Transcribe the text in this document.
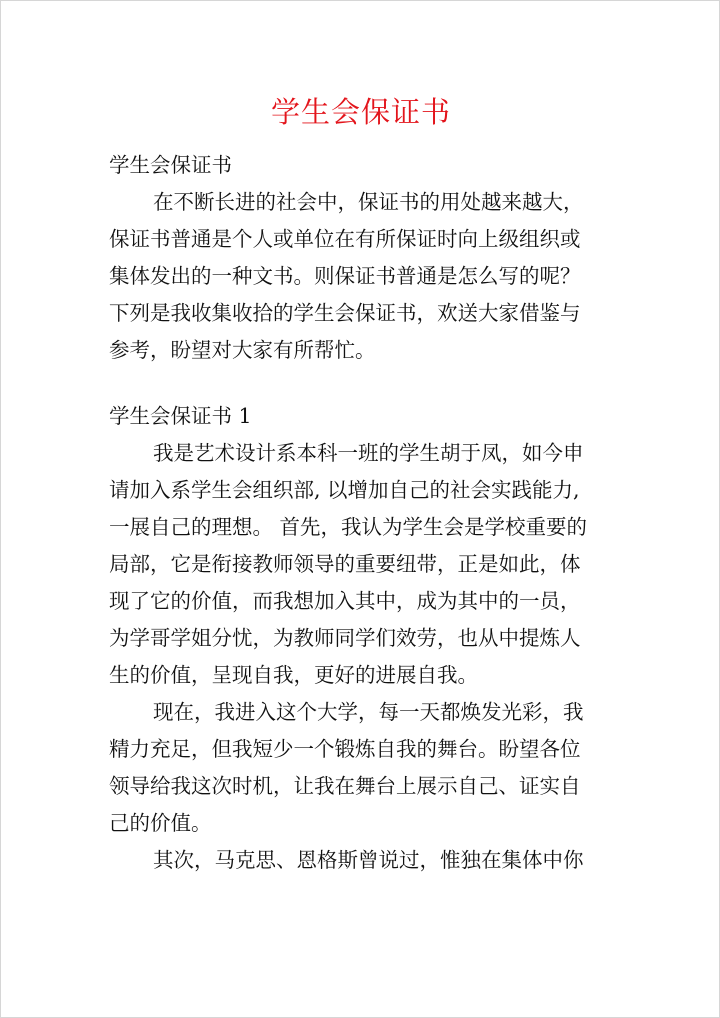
学生会保证书
学生会保证书
在不断长进的社会中，保证书的用处越来越大，
保证书普通是个人或单位在有所保证时向上级组织或
集体发出的一种文书。则保证书普通是怎么写的呢？
下列是我收集收拾的学生会保证书，欢送大家借鉴与
参考，盼望对大家有所帮忙。
学生会保证书 1
我是艺术设计系本科一班的学生胡于凤，如今申
请加入系学生会组织部, 以增加自己的社会实践能力,
一展自己的理想。 首先，我认为学生会是学校重要的
局部，它是衔接教师领导的重要纽带，正是如此，体
现了它的价值，而我想加入其中，成为其中的一员，
为学哥学姐分忧，为教师同学们效劳，也从中提炼人
生的价值，呈现自我，更好的进展自我。
现在，我进入这个大学，每一天都焕发光彩，我
精力充足，但我短少一个锻炼自我的舞台。盼望各位
领导给我这次时机，让我在舞台上展示自己、证实自
己的价值。
其次，马克思、恩格斯曾说过，惟独在集体中你
